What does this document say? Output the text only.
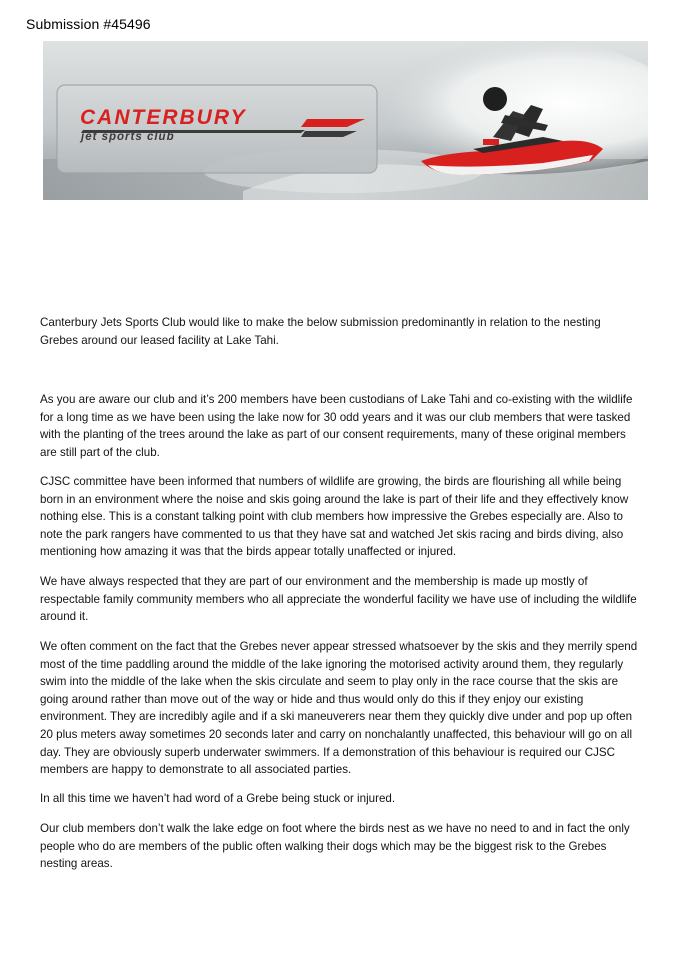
Submission #45496
CANTERBURY
jet sports club
Canterbury Jets Sports Club would like to make the below submission predominantly in relation to the nesting Grebes around our leased facility at Lake Tahi.
As you are aware our club and it’s 200 members have been custodians of Lake Tahi and co-existing with the wildlife for a long time as we have been using the lake now for 30 odd years and it was our club members that were tasked with the planting of the trees around the lake as part of our consent requirements, many of these original members are still part of the club.
CJSC committee have been informed that numbers of wildlife are growing, the birds are flourishing all while being born in an environment where the noise and skis going around the lake is part of their life and they effectively know nothing else. This is a constant talking point with club members how impressive the Grebes especially are. Also to note the park rangers have commented to us that they have sat and watched Jet skis racing and birds diving, also mentioning how amazing it was that the birds appear totally unaffected or injured.
We have always respected that they are part of our environment and the membership is made up mostly of respectable family community members who all appreciate the wonderful facility we have use of including the wildlife around it.
We often comment on the fact that the Grebes never appear stressed whatsoever by the skis and they merrily spend most of the time paddling around the middle of the lake ignoring the motorised activity around them, they regularly swim into the middle of the lake when the skis circulate and seem to play only in the race course that the skis are going around rather than move out of the way or hide and thus would only do this if they enjoy our existing environment. They are incredibly agile and if a ski maneuverers near them they quickly dive under and pop up often 20 plus meters away sometimes 20 seconds later and carry on nonchalantly unaffected, this behaviour will go on all day. They are obviously superb underwater swimmers. If a demonstration of this behaviour is required our CJSC members are happy to demonstrate to all associated parties.
In all this time we haven’t had word of a Grebe being stuck or injured.
Our club members don’t walk the lake edge on foot where the birds nest as we have no need to and in fact the only people who do are members of the public often walking their dogs which may be the biggest risk to the Grebes nesting areas.
